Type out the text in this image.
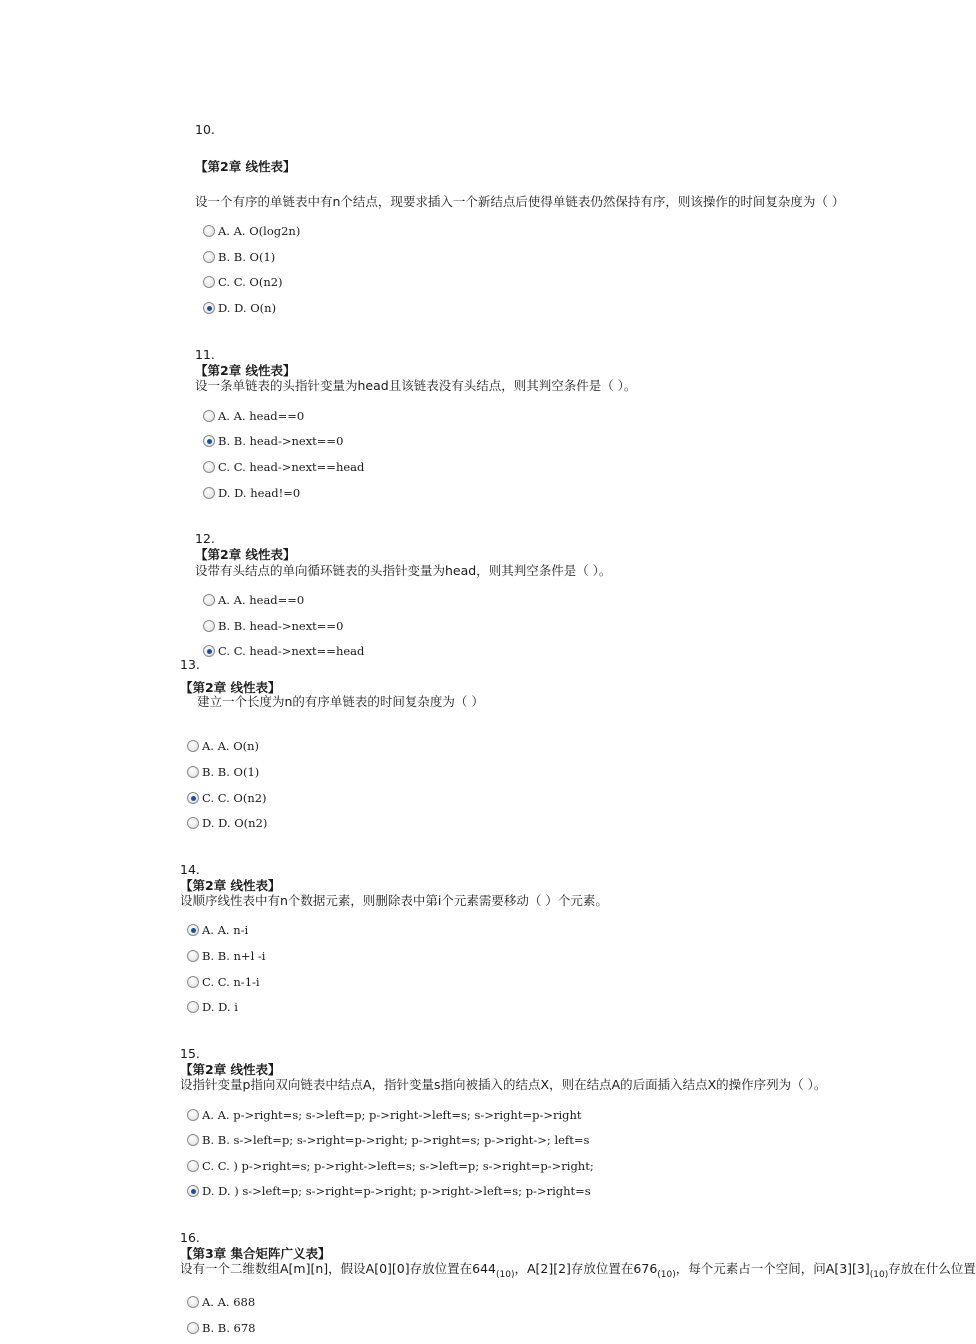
10.
【第2章 线性表】
设一个有序的单链表中有n个结点，现要求插入一个新结点后使得单链表仍然保持有序，则该操作的时间复杂度为（ ）
A. A. O(log2n)
B. B. O(1)
C. C. O(n2)
D. D. O(n)
11.
【第2章 线性表】
设一条单链表的头指针变量为head且该链表没有头结点，则其判空条件是（ ）。
A. A. head==0
B. B. head->next==0
C. C. head->next==head
D. D. head!=0
12.
【第2章 线性表】
设带有头结点的单向循环链表的头指针变量为head，则其判空条件是（ ）。
A. A. head==0
B. B. head->next==0
C. C. head->next==head
13.
【第2章 线性表】
建立一个长度为n的有序单链表的时间复杂度为（ ）
A. A. O(n)
B. B. O(1)
C. C. O(n2)
D. D. O(n2)
14.
【第2章 线性表】
设顺序线性表中有n个数据元素，则删除表中第i个元素需要移动（ ）个元素。
A. A. n-i
B. B. n+l -i
C. C. n-1-i
D. D. i
15.
【第2章 线性表】
设指针变量p指向双向链表中结点A，指针变量s指向被插入的结点X，则在结点A的后面插入结点X的操作序列为（ ）。
A. A. p->right=s; s->left=p; p->right->left=s; s->right=p->right
B. B. s->left=p; s->right=p->right; p->right=s; p->right->; left=s
C. C. ) p->right=s; p->right->left=s; s->left=p; s->right=p->right;
D. D. ) s->left=p; s->right=p->right; p->right->left=s; p->right=s
16.
【第3章 集合矩阵广义表】
设有一个二维数组A[m][n]，假设A[0][0]存放位置在$644_{(10)}$，A[2][2]存放位置在$676_{(10)}$，每个元素占一个空间，问$A[3][3]_{(10)}$存放在什么位置
A. A. 688
B. B. 678
